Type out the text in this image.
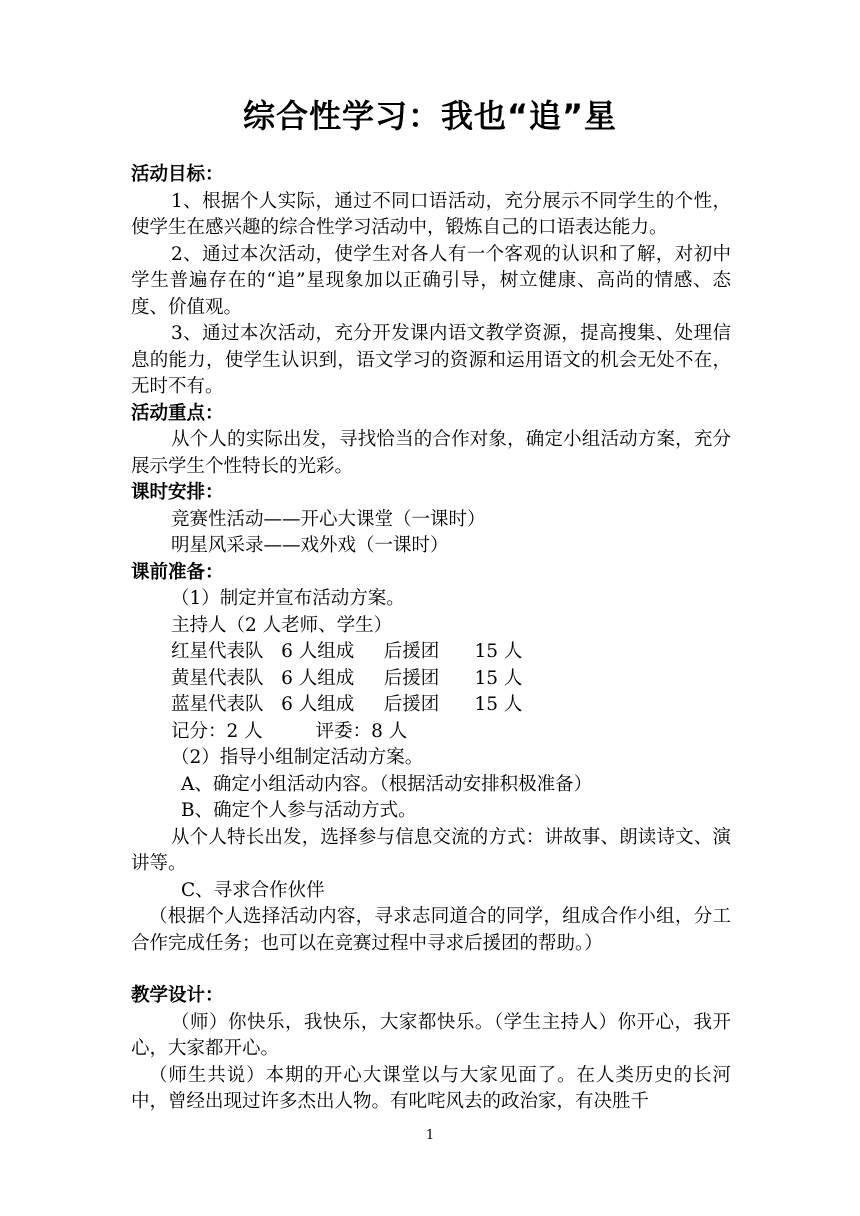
综合性学习：我也“追”星

活动目标：

1、根据个人实际，通过不同口语活动，充分展示不同学生的个性，使学生在感兴趣的综合性学习活动中，锻炼自己的口语表达能力。

2、通过本次活动，使学生对各人有一个客观的认识和了解，对初中学生普遍存在的“追”星现象加以正确引导，树立健康、高尚的情感、态度、价值观。

3、通过本次活动，充分开发课内语文教学资源，提高搜集、处理信息的能力，使学生认识到，语文学习的资源和运用语文的机会无处不在，无时不有。

活动重点：

从个人的实际出发，寻找恰当的合作对象，确定小组活动方案，充分展示学生个性特长的光彩。

课时安排：

竞赛性活动——开心大课堂（一课时）

明星风采录——戏外戏（一课时）

课前准备：

（1）制定并宣布活动方案。

主持人（2 人老师、学生）

红星代表队   6 人组成     后援团      15 人

黄星代表队   6 人组成     后援团      15 人

蓝星代表队   6 人组成     后援团      15 人

记分：2 人         评委：8 人

（2）指导小组制定活动方案。

A、确定小组活动内容。（根据活动安排积极准备）

B、确定个人参与活动方式。

从个人特长出发，选择参与信息交流的方式：讲故事、朗读诗文、演讲等。

C、寻求合作伙伴

（根据个人选择活动内容，寻求志同道合的同学，组成合作小组，分工合作完成任务；也可以在竞赛过程中寻求后援团的帮助。）

教学设计：

（师）你快乐，我快乐，大家都快乐。（学生主持人）你开心，我开心，大家都开心。

（师生共说）本期的开心大课堂以与大家见面了。在人类历史的长河中，曾经出现过许多杰出人物。有叱咤风去的政治家，有决胜千

1
